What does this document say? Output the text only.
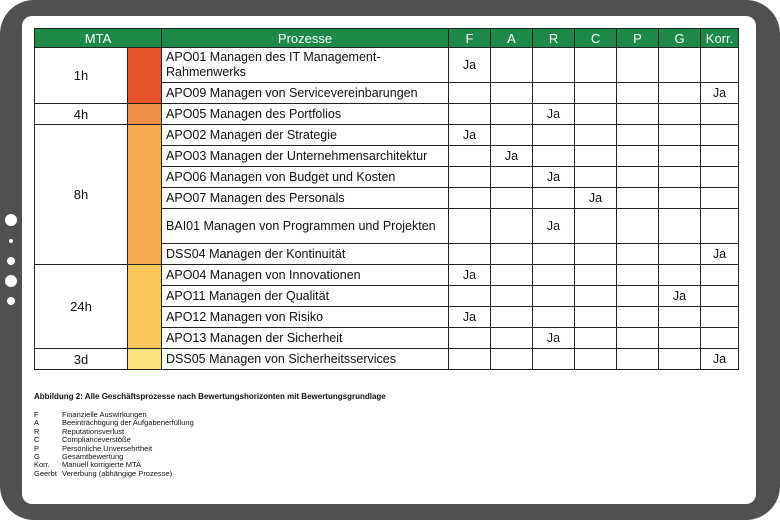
MTA		Prozesse	F	A	R	C	P	G	Korr.
1h		APO01 Managen des IT Management-Rahmenwerks	Ja						
		APO09 Managen von Servicevereinbarungen							Ja
4h		APO05 Managen des Portfolios			Ja				
8h		APO02 Managen der Strategie	Ja						
		APO03 Managen der Unternehmensarchitektur		Ja					
		APO06 Managen von Budget und Kosten			Ja				
		APO07 Managen des Personals				Ja			
		BAI01 Managen von Programmen und Projekten			Ja				
		DSS04 Managen der Kontinuität							Ja
24h		APO04 Managen von Innovationen	Ja						
		APO11 Managen der Qualität						Ja	
		APO12 Managen von Risiko	Ja						
		APO13 Managen der Sicherheit			Ja				
3d		DSS05 Managen von Sicherheitsservices							Ja
Abbildung 2: Alle Geschäftsprozesse nach Bewertungshorizonten mit Bewertungsgrundlage
F	Finanzielle Auswirkungen
A	Beeinträchtigung der Aufgabenerfüllung
R	Reputationsverlust
C	Complianceverstöße
P	Persönliche Unversehrtheit
G	Gesamtbewertung
Korr.	Manuell korrigierte MTA
Geerbt Vererbung (abhängige Prozesse)
